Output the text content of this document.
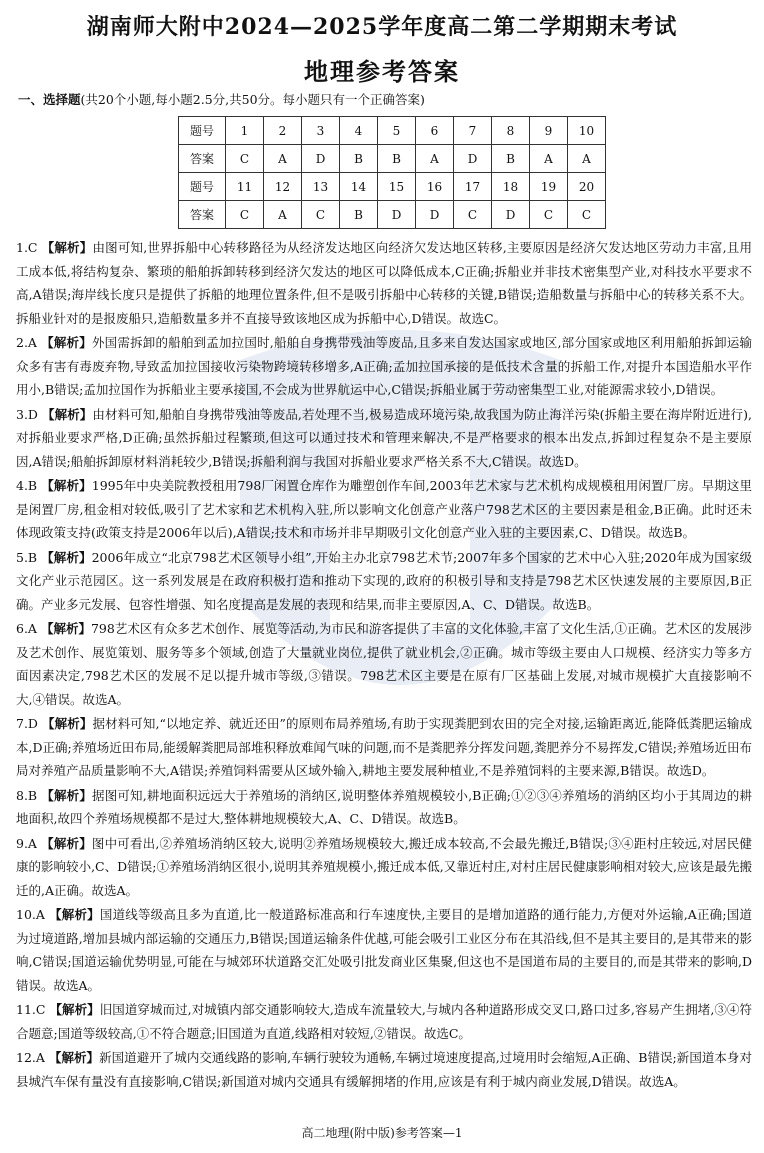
湖南师大附中2024—2025学年度高二第二学期期末考试
地理参考答案
一、选择题(共20个小题,每小题2.5分,共50分。每小题只有一个正确答案)
题号	1	2	3	4	5	6	7	8	9	10
答案	C	A	D	B	B	A	D	B	A	A
题号	11	12	13	14	15	16	17	18	19	20
答案	C	A	C	B	D	D	C	D	C	C
1.C 【解析】由图可知,世界拆船中心转移路径为从经济发达地区向经济欠发达地区转移,主要原因是经济欠发达地区劳动力丰富,且用工成本低,将结构复杂、繁琐的船舶拆卸转移到经济欠发达的地区可以降低成本,C正确;拆船业并非技术密集型产业,对科技水平要求不高,A错误;海岸线长度只是提供了拆船的地理位置条件,但不是吸引拆船中心转移的关键,B错误;造船数量与拆船中心的转移关系不大。拆船业针对的是报废船只,造船数量多并不直接导致该地区成为拆船中心,D错误。故选C。
2.A 【解析】外国需拆卸的船舶到孟加拉国时,船舶自身携带残油等废品,且多来自发达国家或地区,部分国家或地区利用船舶拆卸运输众多有害有毒废弃物,导致孟加拉国接收污染物跨境转移增多,A正确;孟加拉国承接的是低技术含量的拆船工作,对提升本国造船水平作用小,B错误;孟加拉国作为拆船业主要承接国,不会成为世界航运中心,C错误;拆船业属于劳动密集型工业,对能源需求较小,D错误。
3.D 【解析】由材料可知,船舶自身携带残油等废品,若处理不当,极易造成环境污染,故我国为防止海洋污染(拆船主要在海岸附近进行),对拆船业要求严格,D正确;虽然拆船过程繁琐,但这可以通过技术和管理来解决,不是严格要求的根本出发点,拆卸过程复杂不是主要原因,A错误;船舶拆卸原材料消耗较少,B错误;拆船利润与我国对拆船业要求严格关系不大,C错误。故选D。
4.B 【解析】1995年中央美院教授租用798厂闲置仓库作为雕塑创作车间,2003年艺术家与艺术机构成规模租用闲置厂房。早期这里是闲置厂房,租金相对较低,吸引了艺术家和艺术机构入驻,所以影响文化创意产业落户798艺术区的主要因素是租金,B正确。此时还未体现政策支持(政策支持是2006年以后),A错误;技术和市场并非早期吸引文化创意产业入驻的主要因素,C、D错误。故选B。
5.B 【解析】2006年成立“北京798艺术区领导小组”,开始主办北京798艺术节;2007年多个国家的艺术中心入驻;2020年成为国家级文化产业示范园区。这一系列发展是在政府积极打造和推动下实现的,政府的积极引导和支持是798艺术区快速发展的主要原因,B正确。产业多元发展、包容性增强、知名度提高是发展的表现和结果,而非主要原因,A、C、D错误。故选B。
6.A 【解析】798艺术区有众多艺术创作、展览等活动,为市民和游客提供了丰富的文化体验,丰富了文化生活,①正确。艺术区的发展涉及艺术创作、展览策划、服务等多个领域,创造了大量就业岗位,提供了就业机会,②正确。城市等级主要由人口规模、经济实力等多方面因素决定,798艺术区的发展不足以提升城市等级,③错误。798艺术区主要是在原有厂区基础上发展,对城市规模扩大直接影响不大,④错误。故选A。
7.D 【解析】据材料可知,“以地定养、就近还田”的原则布局养殖场,有助于实现粪肥到农田的完全对接,运输距离近,能降低粪肥运输成本,D正确;养殖场近田布局,能缓解粪肥局部堆积释放难闻气味的问题,而不是粪肥养分挥发问题,粪肥养分不易挥发,C错误;养殖场近田布局对养殖产品质量影响不大,A错误;养殖饲料需要从区域外输入,耕地主要发展种植业,不是养殖饲料的主要来源,B错误。故选D。
8.B 【解析】据图可知,耕地面积远远大于养殖场的消纳区,说明整体养殖规模较小,B正确;①②③④养殖场的消纳区均小于其周边的耕地面积,故四个养殖场规模都不是过大,整体耕地规模较大,A、C、D错误。故选B。
9.A 【解析】图中可看出,②养殖场消纳区较大,说明②养殖场规模较大,搬迁成本较高,不会最先搬迁,B错误;③④距村庄较远,对居民健康的影响较小,C、D错误;①养殖场消纳区很小,说明其养殖规模小,搬迁成本低,又靠近村庄,对村庄居民健康影响相对较大,应该是最先搬迁的,A正确。故选A。
10.A 【解析】国道线等级高且多为直道,比一般道路标准高和行车速度快,主要目的是增加道路的通行能力,方便对外运输,A正确;国道为过境道路,增加县城内部运输的交通压力,B错误;国道运输条件优越,可能会吸引工业区分布在其沿线,但不是其主要目的,是其带来的影响,C错误;国道运输优势明显,可能在与城郊环状道路交汇处吸引批发商业区集聚,但这也不是国道布局的主要目的,而是其带来的影响,D错误。故选A。
11.C 【解析】旧国道穿城而过,对城镇内部交通影响较大,造成车流量较大,与城内各种道路形成交叉口,路口过多,容易产生拥堵,③④符合题意;国道等级较高,①不符合题意;旧国道为直道,线路相对较短,②错误。故选C。
12.A 【解析】新国道避开了城内交通线路的影响,车辆行驶较为通畅,车辆过境速度提高,过境用时会缩短,A正确、B错误;新国道本身对县城汽车保有量没有直接影响,C错误;新国道对城内交通具有缓解拥堵的作用,应该是有利于城内商业发展,D错误。故选A。
高二地理(附中版)参考答案—1
